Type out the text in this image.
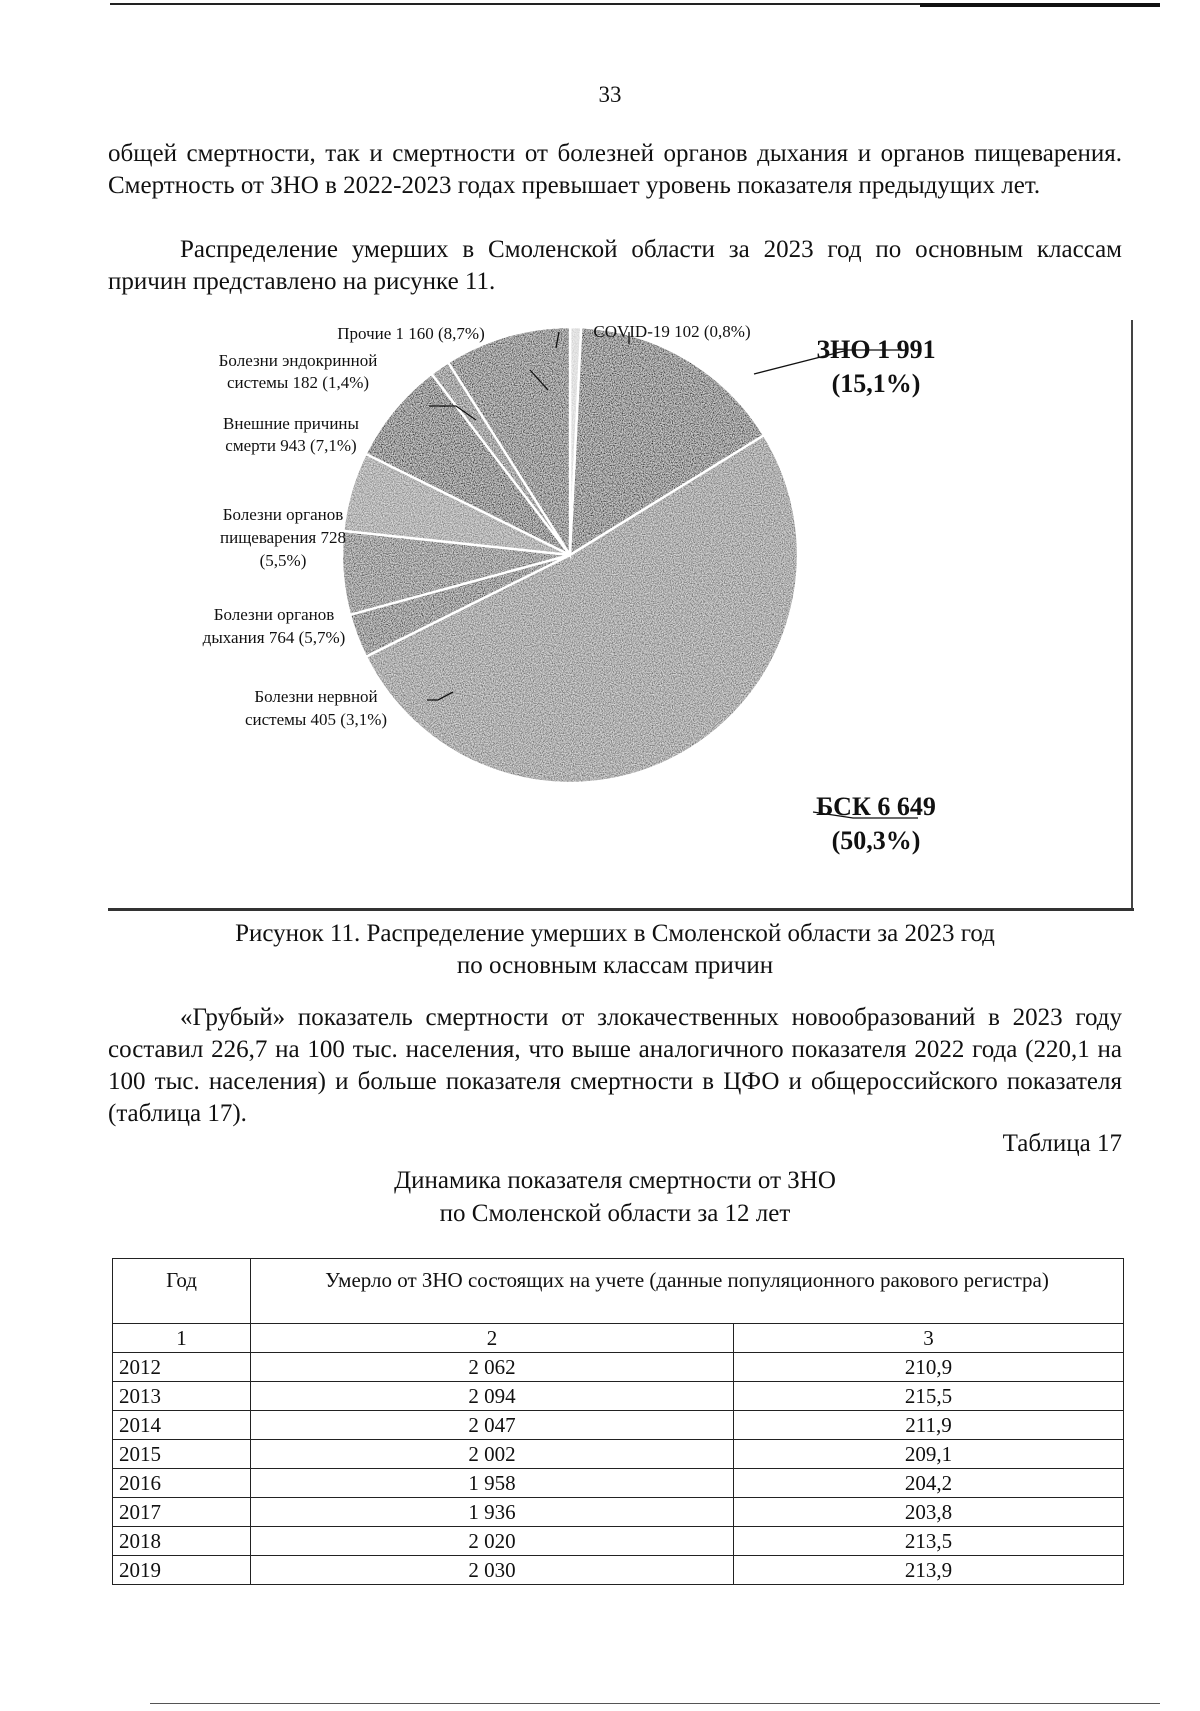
33

общей смертности, так и смертности от болезней органов дыхания и органов пищеварения. Смертность от ЗНО в 2022-2023 годах превышает уровень показателя предыдущих лет.

Распределение умерших в Смоленской области за 2023 год по основным классам причин представлено на рисунке 11.

Прочие 1 160 (8,7%)	COVID-19 102 (0,8%)
Болезни эндокринной
системы 182 (1,4%)
Внешние причины
смерти 943 (7,1%)
Болезни органов
пищеварения 728
(5,5%)
Болезни органов
дыхания 764 (5,7%)
Болезни нервной
системы 405 (3,1%)
ЗНО 1 991
(15,1%)
БСК 6 649
(50,3%)
Рисунок 11. Распределение умерших в Смоленской области за 2023 год
по основным классам причин

«Грубый» показатель смертности от злокачественных новообразований в 2023 году составил 226,7 на 100 тыс. населения, что выше аналогичного показателя 2022 года (220,1 на 100 тыс. населения) и больше показателя смертности в ЦФО и общероссийского показателя (таблица 17).

Таблица 17
Динамика показателя смертности от ЗНО
по Смоленской области за 12 лет
Год	Умерло от ЗНО состоящих на учете (данные популяционного ракового регистра)	
1	2	3
2012	2 062	210,9
2013	2 094	215,5
2014	2 047	211,9
2015	2 002	209,1
2016	1 958	204,2
2017	1 936	203,8
2018	2 020	213,5
2019	2 030	213,9
